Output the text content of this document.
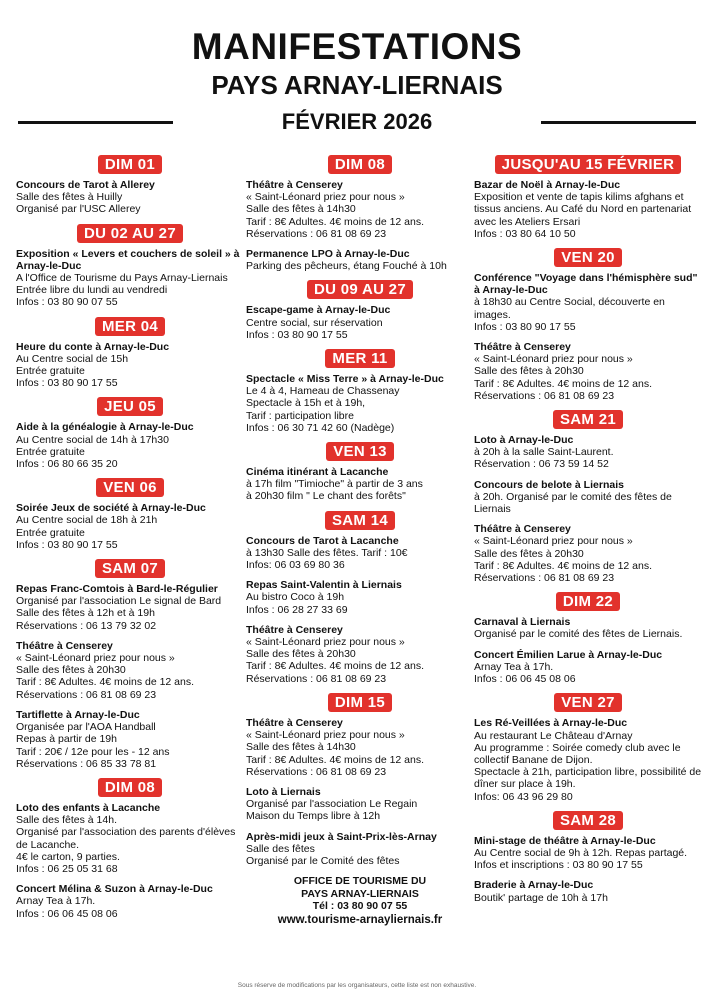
MANIFESTATIONS
PAYS ARNAY-LIERNAIS
FÉVRIER 2026
DIM 01
Concours de Tarot à Allerey
Salle des fêtes à Huilly
Organisé par l'USC Allerey
DU 02 AU 27
Exposition « Levers et couchers de soleil » à Arnay-le-Duc
A l'Office de Tourisme du Pays Arnay-Liernais
Entrée libre du lundi au vendredi
Infos : 03 80 90 07 55
MER 04
Heure du conte à Arnay-le-Duc
Au Centre social de 15h
Entrée gratuite
Infos : 03 80 90 17 55
JEU 05
Aide à la généalogie à Arnay-le-Duc
Au Centre social de 14h à 17h30
Entrée gratuite
Infos : 06 80 66 35 20
VEN 06
Soirée Jeux de société à Arnay-le-Duc
Au Centre social de 18h à 21h
Entrée gratuite
Infos : 03 80 90 17 55
SAM 07
Repas Franc-Comtois à Bard-le-Régulier
Organisé par l'association Le signal de Bard
Salle des fêtes à 12h et à 19h
Réservations : 06 13 79 32 02
Théâtre à Censerey
« Saint-Léonard priez pour nous »
Salle des fêtes à 20h30
Tarif : 8€ Adultes. 4€ moins de 12 ans.
Réservations : 06 81 08 69 23
Tartiflette à Arnay-le-Duc
Organisée par l'AOA Handball
Repas à partir de 19h
Tarif : 20€ / 12e pour les - 12 ans
Réservations : 06 85 33 78 81
DIM 08
Loto des enfants à Lacanche
Salle des fêtes à 14h.
Organisé par l'association des parents d'élèves de Lacanche.
4€ le carton, 9 parties.
Infos : 06 25 05 31 68
Concert Mélina & Suzon à Arnay-le-Duc
Arnay Tea à 17h.
Infos : 06 06 45 08 06
DIM 08
Théâtre à Censerey
« Saint-Léonard priez pour nous »
Salle des fêtes à 14h30
Tarif : 8€ Adultes. 4€ moins de 12 ans.
Réservations : 06 81 08 69 23
Permanence LPO à Arnay-le-Duc
Parking des pêcheurs, étang Fouché à 10h
DU 09 AU 27
Escape-game à Arnay-le-Duc
Centre social, sur réservation
Infos : 03 80 90 17 55
MER 11
Spectacle « Miss Terre » à Arnay-le-Duc
Le 4 à 4, Hameau de Chassenay
Spectacle à 15h et à 19h,
Tarif : participation libre
Infos : 06 30 71 42 60 (Nadège)
VEN 13
Cinéma itinérant à Lacanche
à 17h film "Timioche" à partir de 3 ans
à 20h30 film " Le chant des forêts"
SAM 14
Concours de Tarot à Lacanche
à 13h30 Salle des fêtes. Tarif : 10€
Infos: 06 03 69 80 36
Repas Saint-Valentin à Liernais
Au bistro Coco à 19h
Infos : 06 28 27 33 69
Théâtre à Censerey
« Saint-Léonard priez pour nous »
Salle des fêtes à 20h30
Tarif : 8€ Adultes. 4€ moins de 12 ans.
Réservations : 06 81 08 69 23
DIM 15
Théâtre à Censerey
« Saint-Léonard priez pour nous »
Salle des fêtes à 14h30
Tarif : 8€ Adultes. 4€ moins de 12 ans.
Réservations : 06 81 08 69 23
Loto à Liernais
Organisé par l'association Le Regain
Maison du Temps libre à 12h
Après-midi jeux à Saint-Prix-lès-Arnay
Salle des fêtes
Organisé par le Comité des fêtes
OFFICE DE TOURISME DU
PAYS ARNAY-LIERNAIS
Tél : 03 80 90 07 55
www.tourisme-arnayliernais.fr
JUSQU'AU 15 FÉVRIER
Bazar de Noël à Arnay-le-Duc
Exposition et vente de tapis kilims afghans et tissus anciens. Au Café du Nord en partenariat avec les Ateliers Ersari
Infos : 03 80 64 10 50
VEN 20
Conférence "Voyage dans l'hémisphère sud" à Arnay-le-Duc
à 18h30 au Centre Social, découverte en images.
Infos : 03 80 90 17 55
Théâtre à Censerey
« Saint-Léonard priez pour nous »
Salle des fêtes à 20h30
Tarif : 8€ Adultes. 4€ moins de 12 ans.
Réservations : 06 81 08 69 23
SAM 21
Loto à Arnay-le-Duc
à 20h à la salle Saint-Laurent.
Réservation : 06 73 59 14 52
Concours de belote à Liernais
à 20h. Organisé par le comité des fêtes de Liernais
Théâtre à Censerey
« Saint-Léonard priez pour nous »
Salle des fêtes à 20h30
Tarif : 8€ Adultes. 4€ moins de 12 ans.
Réservations : 06 81 08 69 23
DIM 22
Carnaval à Liernais
Organisé par le comité des fêtes de Liernais.
Concert Émilien Larue à Arnay-le-Duc
Arnay Tea à 17h.
Infos : 06 06 45 08 06
VEN 27
Les Ré-Veillées à Arnay-le-Duc
Au restaurant Le Château d'Arnay
Au programme : Soirée comedy club avec le collectif Banane de Dijon.
Spectacle à 21h, participation libre, possibilité de dîner sur place à 19h.
Infos: 06 43 96 29 80
SAM 28
Mini-stage de théâtre à Arnay-le-Duc
Au Centre social de 9h à 12h. Repas partagé.
Infos et inscriptions : 03 80 90 17 55
Braderie à Arnay-le-Duc
Boutik' partage de 10h à 17h
Sous réserve de modifications par les organisateurs, cette liste est non exhaustive.
